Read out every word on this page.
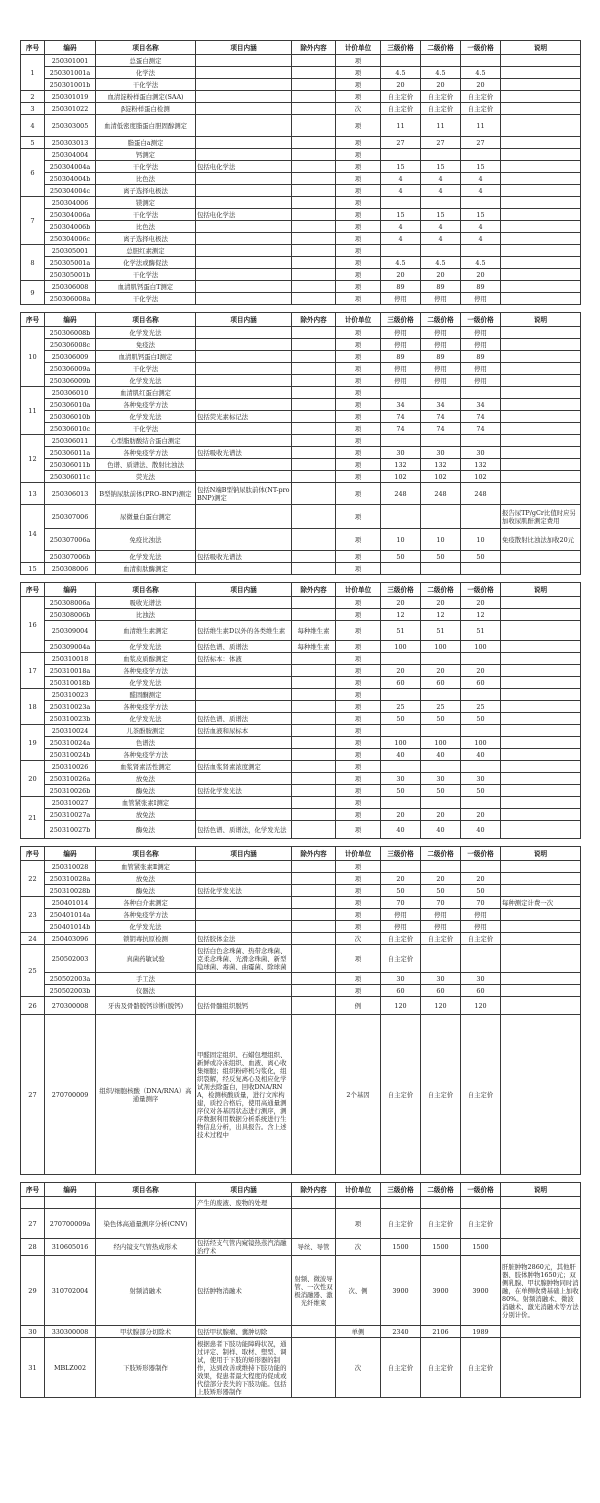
序号	编码	项目名称	项目内涵	除外内容	计价单位	三级价格	二级价格	一级价格	说明
1	250301001	总蛋白测定			项				
	250301001a	化学法			项	4.5	4.5	4.5	
	250301001b	干化学法			项	20	20	20	
2	250301019	血清淀粉样蛋白测定(SAA)			项	自主定价	自主定价	自主定价	
3	250301022	β淀粉样蛋白检测			次	自主定价	自主定价	自主定价	
4	250303005	血清低密度脂蛋白胆固醇测定			项	11	11	11	
5	250303013	脂蛋白a测定			项	27	27	27	
6	250304004	钙测定			项				
	250304004a	干化学法	包括电化学法		项	15	15	15	
	250304004b	比色法			项	4	4	4	
	250304004c	离子选择电极法			项	4	4	4	
7	250304006	镁测定			项				
	250304006a	干化学法	包括电化学法		项	15	15	15	
	250304006b	比色法			项	4	4	4	
	250304006c	离子选择电极法			项	4	4	4	
8	250305001	总胆红素测定			项				
	250305001a	化学法或酶促法			项	4.5	4.5	4.5	
	250305001b	干化学法			项	20	20	20	
9	250306008	血清肌钙蛋白T测定			项	89	89	89	
	250306008a	干化学法			项	停用	停用	停用	

序号	编码	项目名称	项目内涵	除外内容	计价单位	三级价格	二级价格	一级价格	说明
10	250306008b	化学发光法			项	停用	停用	停用	
	250306008c	免疫法			项	停用	停用	停用	
	250306009	血清肌钙蛋白Ⅰ测定			项	89	89	89	
	250306009a	干化学法			项	停用	停用	停用	
	250306009b	化学发光法			项	停用	停用	停用	
11	250306010	血清肌红蛋白测定			项				
	250306010a	各种免疫学方法			项	34	34	34	
	250306010b	化学发光法	包括荧光素标记法		项	74	74	74	
	250306010c	干化学法			项	74	74	74	
12	250306011	心型脂肪酸结合蛋白测定			项				
	250306011a	各种免疫学方法	包括吸收光谱法		项	30	30	30	
	250306011b	色谱、质谱法、散射比浊法			项	132	132	132	
	250306011c	荧光法			项	102	102	102	
13	250306013	B型钠尿肽前体(PRO-BNP)测定	包括N端B型钠尿肽前体(NT-proBNP)测定		项	248	248	248	
14	250307006	尿微量白蛋白测定			项				报告尿TP/gCr比值时应另加收尿肌酐测定费用
	250307006a	免疫比浊法			项	10	10	10	免疫散射比浊法加收20元
	250307006b	化学发光法	包括吸收光谱法		项	50	50	50	
15	250308006	血清衔肽酶测定			项				

序号	编码	项目名称	项目内涵	除外内容	计价单位	三级价格	二级价格	一级价格	说明
16	250308006a	吸收光谱法			项	20	20	20	
	250308006b	比浊法			项	12	12	12	
	250309004	血清维生素测定	包括维生素D以外的各类维生素	每种维生素	项	51	51	51	
	250309004a	化学发光法	包括色谱、质谱法	每种维生素	项	100	100	100	
17	250310018	血浆皮质醇测定	包括标本：体液		项				
	250310018a	各种免疫学方法			项	20	20	20	
	250310018b	化学发光法			项	60	60	60	
18	250310023	醛固酮测定			项				
	250310023a	各种免疫学方法			项	25	25	25	
	250310023b	化学发光法	包括色谱、质谱法		项	50	50	50	
19	250310024	儿茶酚胺测定	包括血液和尿标本		项				
	250310024a	色谱法			项	100	100	100	
	250310024b	各种免疫学方法			项	40	40	40	
20	250310026	血浆肾素活性测定	包括血浆肾素浓度测定		项				
	250310026a	放免法			项	30	30	30	
	250310026b	酶免法	包括化学发光法		项	50	50	50	
21	250310027	血管紧张素Ⅰ测定			项				
	250310027a	放免法			项	20	20	20	
	250310027b	酶免法	包括色谱、质谱法，化学发光法		项	40	40	40	

序号	编码	项目名称	项目内涵	除外内容	计价单位	三级价格	二级价格	一级价格	说明
22	250310028	血管紧张素Ⅱ测定			项				
	250310028a	放免法			项	20	20	20	
	250310028b	酶免法	包括化学发光法		项	50	50	50	
23	250401014	各种白介素测定			项	70	70	70	每种测定计费一次
	250401014a	各种免疫学方法			项	停用	停用	停用	
	250401014b	化学发光法			项	停用	停用	停用	
24	250403096	锁钥毒抗原检测	包括胶体金法		次	自主定价	自主定价	自主定价	
25	250502003	真菌药敏试验	包括白色念珠菌、热带念珠菌、克柔念珠菌、光滑念珠菌、新型隐球菌、毒菌、曲霉菌、除球菌		项	自主定价			
	250502003a	手工法			项	30	30	30	
	250502003b	仪器法			项	60	60	60	
26	270300008	牙齿及骨骼脱钙诊断(脱钙)	包括骨髓组织脱钙		例	120	120	120	
27	270700009	组织/细胞核酸（DNA/RNA）高通量测序	甲醛固定组织、石蜡包埋组织、新鲜或冷冻组织、血液、离心收集细胞；组织粉碎机匀浆化，组织裂解，经反复离心及相应化学试剂去除蛋白，回收DNA/RNA，检测核酸质量，进行文库构建，质控合格后，使用高通量测序仪对各基因状态进行测序，测序数据利用数据分析系统进行生物信息分析，出具报告。含上述技术过程中		2个基因	自主定价	自主定价	自主定价	

序号	编码	项目名称	项目内涵	除外内容	计价单位	三级价格	二级价格	一级价格	说明
			产生的废液、废物的处理						
27	270700009a	染色体高通量测序分析(CNV)			项	自主定价	自主定价	自主定价	
28	310605016	经内镜支气管热成形术	包括经支气管内窥镜热蒸汽消融治疗术	导丝、导管	次	1500	1500	1500	
29	310702004	射频消融术	包括肿物消融术	射频、微波导管、一次性双极消融器、激光纤维束	次、侧	3900	3900	3900	肝脏肿物2860元，其他肝器、肢体肿物1650元；双侧乳腺、甲状腺肿物同时消融，在单侧收费基础上加收80%。射频消融术、微波消融术、激光消融术等方法分别计价。
30	330300008	甲状腺部分切除术	包括甲状腺瘤、囊肿切除		单侧	2340	2106	1989	
31	MBLZ002	下肢矫形器制作	根据患者下肢功能障碍状况，通过评定、制样、取材、塑型、调试，使用于下肢的矫形器的制作，达到改善或维持下肢功能的效果，促患者最大程度的促成或代偿部分丧失的下肢功能。包括上肢矫形器制作		次	自主定价	自主定价	自主定价	
